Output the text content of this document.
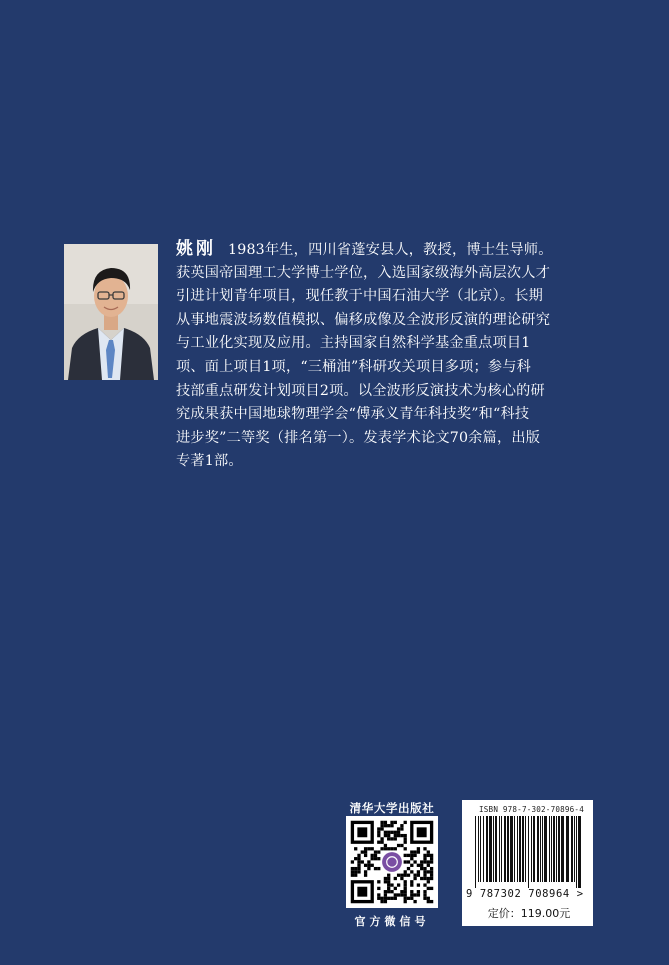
姚刚 1983年生，四川省蓬安县人，教授，博士生导师。
获英国帝国理工大学博士学位，入选国家级海外高层次人才
引进计划青年项目，现任教于中国石油大学（北京）。长期
从事地震波场数值模拟、偏移成像及全波形反演的理论研究
与工业化实现及应用。主持国家自然科学基金重点项目1
项、面上项目1项，“三桶油”科研攻关项目多项；参与科
技部重点研发计划项目2项。以全波形反演技术为核心的研
究成果获中国地球物理学会“傅承义青年科技奖”和“科技
进步奖”二等奖（排名第一）。发表学术论文70余篇，出版
专著1部。
清华大学出版社
官方微信号
ISBN 978-7-302-70896-4
9 787302 708964 >
定价：119.00元
